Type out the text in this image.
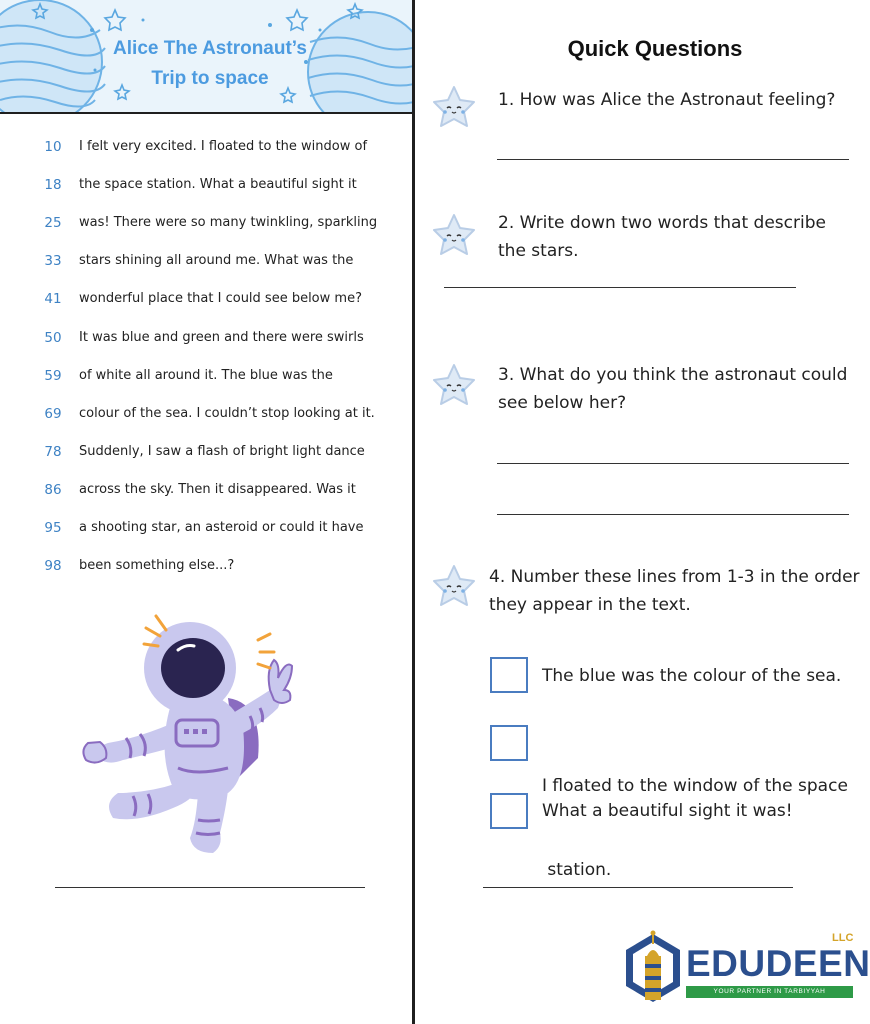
Alice The Astronaut’s
Trip to space
10	I felt very excited. I floated to the window of
18	the space station. What a beautiful sight it
25	was! There were so many twinkling, sparkling
33	stars shining all around me. What was the
41	wonderful place that I could see below me?
50	It was blue and green and there were swirls
59	of white all around it. The blue was the
69	colour of the sea. I couldn’t stop looking at it.
78	Suddenly, I saw a flash of bright light dance
86	across the sky. Then it disappeared. Was it
95	a shooting star, an asteroid or could it have
98	been something else...?
Quick Questions
1. How was Alice the Astronaut feeling?
2. Write down two words that describe
the stars.
3. What do you think the astronaut could
see below her?
4. Number these lines from 1-3 in the order
they appear in the text.
The blue was the colour of the sea.

I floated to the window of the space

station.

What a beautiful sight it was!
LLC
EDUDEEN
YOUR PARTNER IN TARBIYYAH
